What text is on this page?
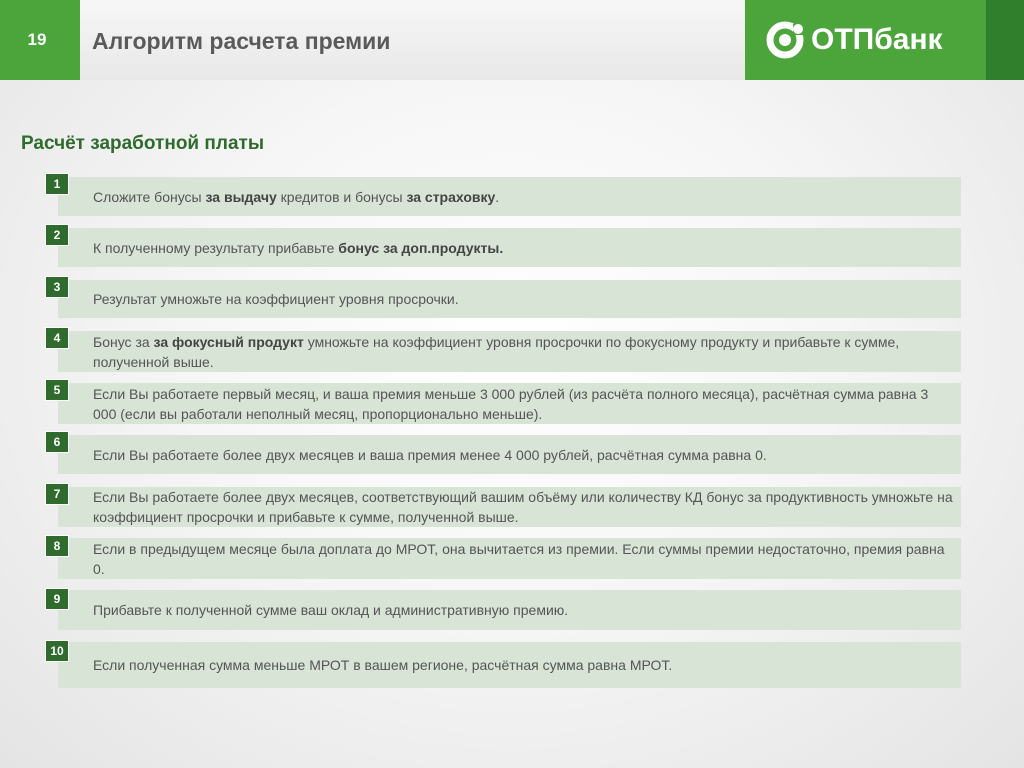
19	Алгоритм расчета премии	ОТПбанк
Расчёт заработной платы
Сложите бонусы за выдачу кредитов и бонусы за страховку.
1
К полученному результату прибавьте бонус за доп.продукты.
2
Результат умножьте на коэффициент уровня просрочки.
3
Бонус за за фокусный продукт умножьте на коэффициент уровня просрочки по фокусному продукту и прибавьте к сумме, полученной выше.
4
Если Вы работаете первый месяц, и ваша премия меньше 3 000 рублей (из расчёта полного месяца), расчётная сумма равна 3 000 (если вы работали неполный месяц, пропорционально меньше).
5
Если Вы работаете более двух месяцев и ваша премия менее 4 000 рублей, расчётная сумма равна 0.
6
Если Вы работаете более двух месяцев, соответствующий вашим объёму или количеству КД бонус за продуктивность умножьте на коэффициент просрочки и прибавьте к сумме, полученной выше.
7
Если в предыдущем месяце была доплата до МРОТ, она вычитается из премии. Если суммы премии недостаточно, премия равна 0.
8
Прибавьте к полученной сумме ваш оклад и административную премию.
9
Если полученная сумма меньше МРОТ в вашем регионе, расчётная сумма равна МРОТ.
10
